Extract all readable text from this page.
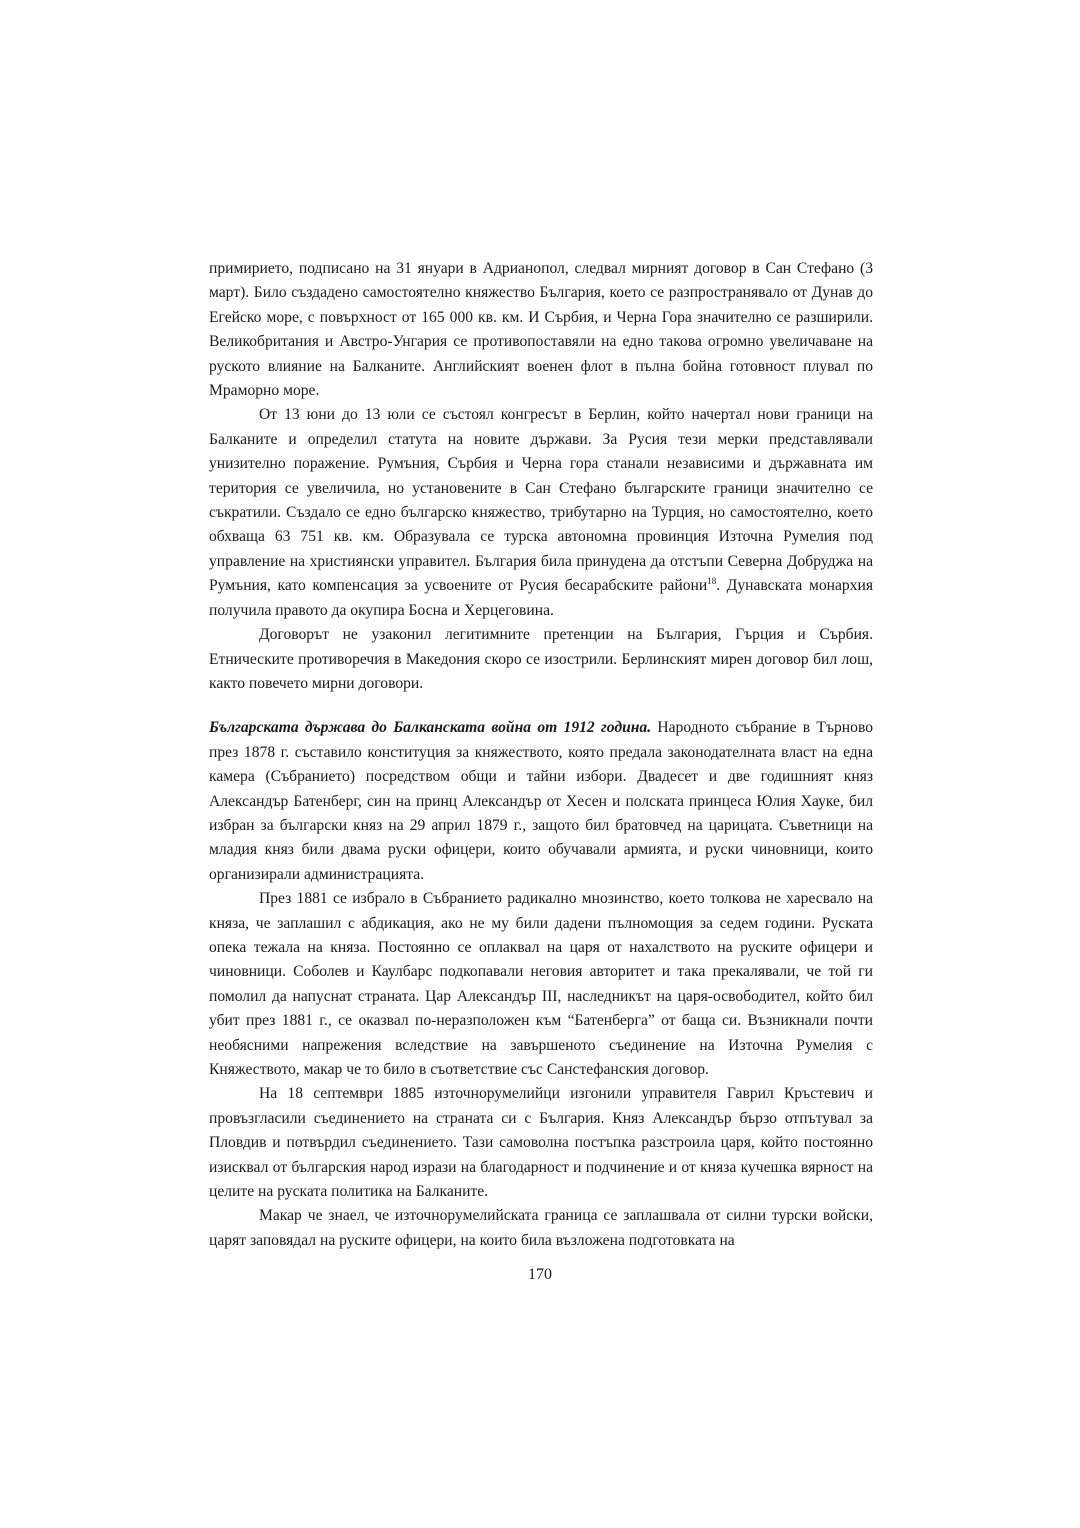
примирието, подписано на 31 януари в Адрианопол, следвал мирният договор в Сан Стефано (3 март). Било създадено самостоятелно княжество България, което се разпространявало от Дунав до Егейско море, с повърхност от 165 000 кв. км. И Сърбия, и Черна Гора значително се разширили. Великобритания и Австро-Унгария се противопоставяли на едно такова огромно увеличаване на руското влияние на Балканите. Английският военен флот в пълна бойна готовност плувал по Мраморно море.

От 13 юни до 13 юли се състоял конгресът в Берлин, който начертал нови граници на Балканите и определил статута на новите държави. За Русия тези мерки представлявали унизително поражение. Румъния, Сърбия и Черна гора станали независими и държавната им територия се увеличила, но установените в Сан Стефано българските граници значително се съкратили. Създало се едно българско княжество, трибутарно на Турция, но самостоятелно, което обхваща 63 751 кв. км. Образувала се турска автономна провинция Източна Румелия под управление на християнски управител. България била принудена да отстъпи Северна Добруджа на Румъния, като компенсация за усвоените от Русия бесарабските райони$^{18}$. Дунавската монархия получила правото да окупира Босна и Херцеговина.

Договорът не узаконил легитимните претенции на България, Гърция и Сърбия. Етническите противоречия в Македония скоро се изострили. Берлинският мирен договор бил лош, както повечето мирни договори.

Българската държава до Балканската война от 1912 година. Народното събрание в Търново през 1878 г. съставило конституция за княжеството, която предала законодателната власт на една камера (Събранието) посредством общи и тайни избори. Двадесет и две годишният княз Александър Батенберг, син на принц Александър от Хесен и полската принцеса Юлия Хауке, бил избран за български княз на 29 април 1879 г., защото бил братовчед на царицата. Съветници на младия княз били двама руски офицери, които обучавали армията, и руски чиновници, които организирали администрацията.

През 1881 се избрало в Събранието радикално мнозинство, което толкова не харесвало на княза, че заплашил с абдикация, ако не му били дадени пълномощия за седем години. Руската опека тежала на княза. Постоянно се оплаквал на царя от нахалството на руските офицери и чиновници. Соболев и Каулбарс подкопавали неговия авторитет и така прекалявали, че той ги помолил да напуснат страната. Цар Александър III, наследникът на царя-освободител, който бил убит през 1881 г., се оказвал по-неразположен към “Батенберга” от баща си. Възникнали почти необясними напрежения вследствие на завършеното съединение на Източна Румелия с Княжеството, макар че то било в съответствие със Санстефанския договор.

На 18 септември 1885 източнорумелийци изгонили управителя Гаврил Кръстевич и провъзгласили съединението на страната си с България. Княз Александър бързо отпътувал за Пловдив и потвърдил съединението. Тази самоволна постъпка разстроила царя, който постоянно изисквал от българския народ изрази на благодарност и подчинение и от княза кучешка вярност на целите на руската политика на Балканите.

Макар че знаел, че източнорумелийската граница се заплашвала от силни турски войски, царят заповядал на руските офицери, на които била възложена подготовката на

170
